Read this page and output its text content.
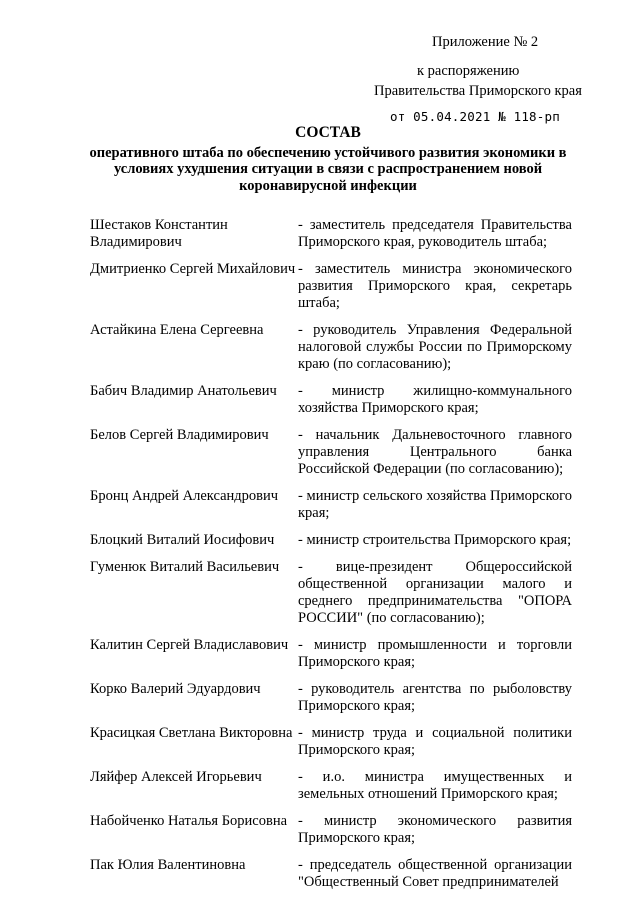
Приложение № 2
к распоряжению
Правительства Приморского края
от 05.04.2021 № 118-рп
СОСТАВ
оперативного штаба по обеспечению устойчивого развития экономики в условиях ухудшения ситуации в связи с распространением новой коронавирусной инфекции
Шестаков Константин Владимирович
- заместитель председателя Правительства Приморского края, руководитель штаба;
Дмитриенко Сергей Михайлович - заместитель министра экономического развития Приморского края, секретарь штаба;
Астайкина Елена Сергеевна	- руководитель Управления Федеральной налоговой службы России по Приморскому краю (по согласованию);
Бабич Владимир Анатольевич	- министр жилищно-коммунального хозяйства Приморского края;
Белов Сергей Владимирович	- начальник Дальневосточного главного управления Центрального банка Российской Федерации (по согласованию);
Бронц Андрей Александрович	- министр сельского хозяйства Приморского края;
Блоцкий Виталий Иосифович	- министр строительства Приморского края;
Гуменюк Виталий Васильевич	- вице-президент Общероссийской общественной организации малого и среднего предпринимательства "ОПОРА РОССИИ" (по согласованию);
Калитин Сергей Владиславович - министр промышленности и торговли Приморского края;
Корко Валерий Эдуардович	- руководитель агентства по рыболовству Приморского края;
Красицкая Светлана Викторовна - министр труда и социальной политики Приморского края;
Ляйфер Алексей Игорьевич	- и.о. министра имущественных и земельных отношений Приморского края;
Набойченко Наталья Борисовна - министр экономического развития Приморского края;
Пак Юлия Валентиновна	- председатель общественной организации "Общественный Совет предпринимателей
